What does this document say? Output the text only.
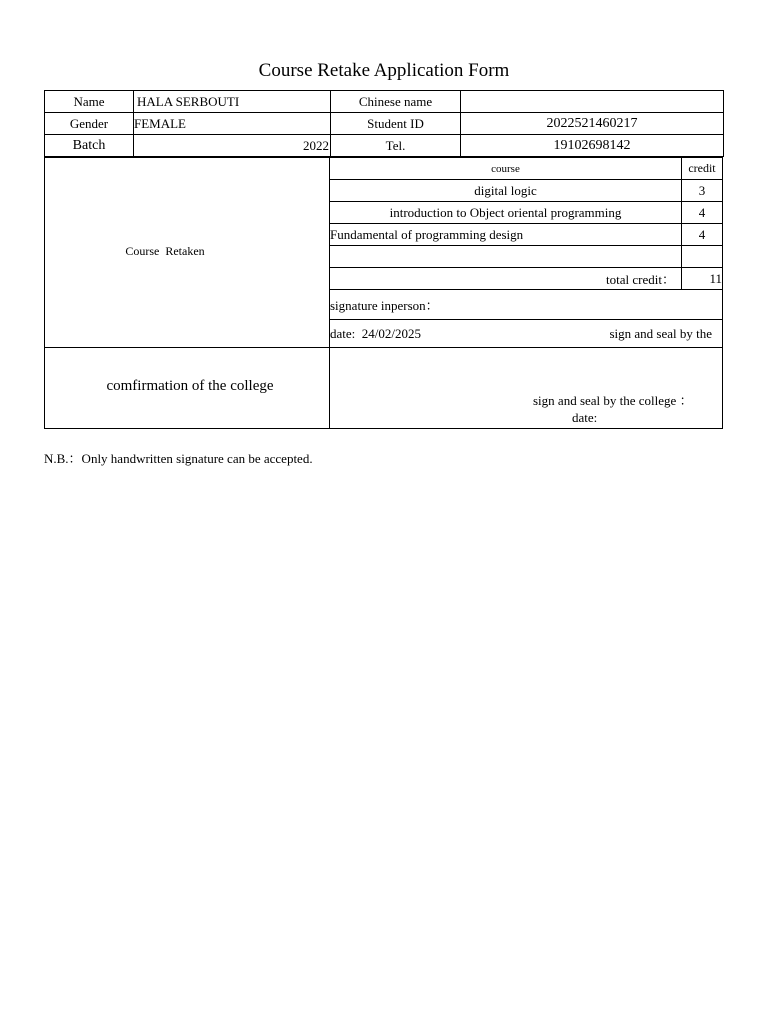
Course Retake Application Form
Name	HALA SERBOUTI	Chinese name	
Gender	FEMALE	Student ID	2022521460217
Batch	2022	Tel.	19102698142
Course Retaken
course	credit
digital logic	3
introduction to Object oriental programming	4
Fundamental of programming design	4
total credit：	11
signature inperson：
date:  24/02/2025	sign and seal by the
comfirmation of the college
sign and seal by the college ：
date:
N.B.：Only handwritten signature can be accepted.
